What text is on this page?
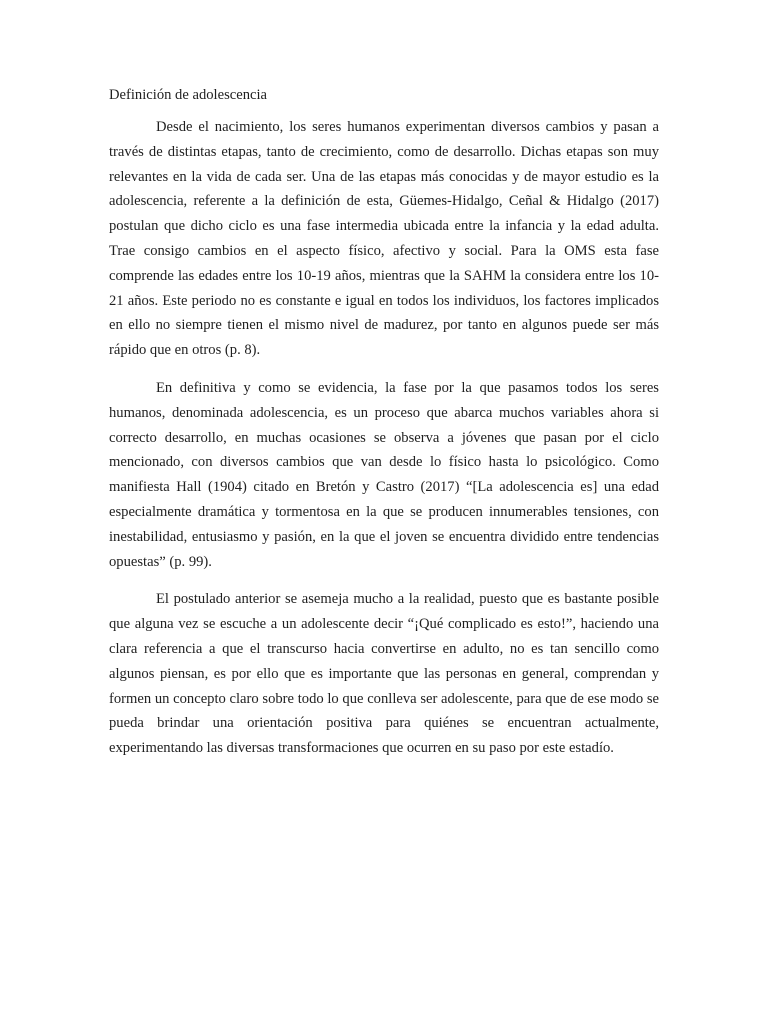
Definición de adolescencia

Desde el nacimiento, los seres humanos experimentan diversos cambios y pasan a través de distintas etapas, tanto de crecimiento, como de desarrollo. Dichas etapas son muy relevantes en la vida de cada ser. Una de las etapas más conocidas y de mayor estudio es la adolescencia, referente a la definición de esta, Güemes-Hidalgo, Ceñal & Hidalgo (2017) postulan que dicho ciclo es una fase intermedia ubicada entre la infancia y la edad adulta. Trae consigo cambios en el aspecto físico, afectivo y social. Para la OMS esta fase comprende las edades entre los 10-19 años, mientras que la SAHM la considera entre los 10-21 años. Este periodo no es constante e igual en todos los individuos, los factores implicados en ello no siempre tienen el mismo nivel de madurez, por tanto en algunos puede ser más rápido que en otros (p. 8).

En definitiva y como se evidencia, la fase por la que pasamos todos los seres humanos, denominada adolescencia, es un proceso que abarca muchos variables ahora si correcto desarrollo, en muchas ocasiones se observa a jóvenes que pasan por el ciclo mencionado, con diversos cambios que van desde lo físico hasta lo psicológico. Como manifiesta Hall (1904) citado en Bretón y Castro (2017) “[La adolescencia es] una edad especialmente dramática y tormentosa en la que se producen innumerables tensiones, con inestabilidad, entusiasmo y pasión, en la que el joven se encuentra dividido entre tendencias opuestas” (p. 99).

El postulado anterior se asemeja mucho a la realidad, puesto que es bastante posible que alguna vez se escuche a un adolescente decir “¡Qué complicado es esto!”, haciendo una clara referencia a que el transcurso hacia convertirse en adulto, no es tan sencillo como algunos piensan, es por ello que es importante que las personas en general, comprendan y formen un concepto claro sobre todo lo que conlleva ser adolescente, para que de ese modo se pueda brindar una orientación positiva para quiénes se encuentran actualmente, experimentando las diversas transformaciones que ocurren en su paso por este estadío.
